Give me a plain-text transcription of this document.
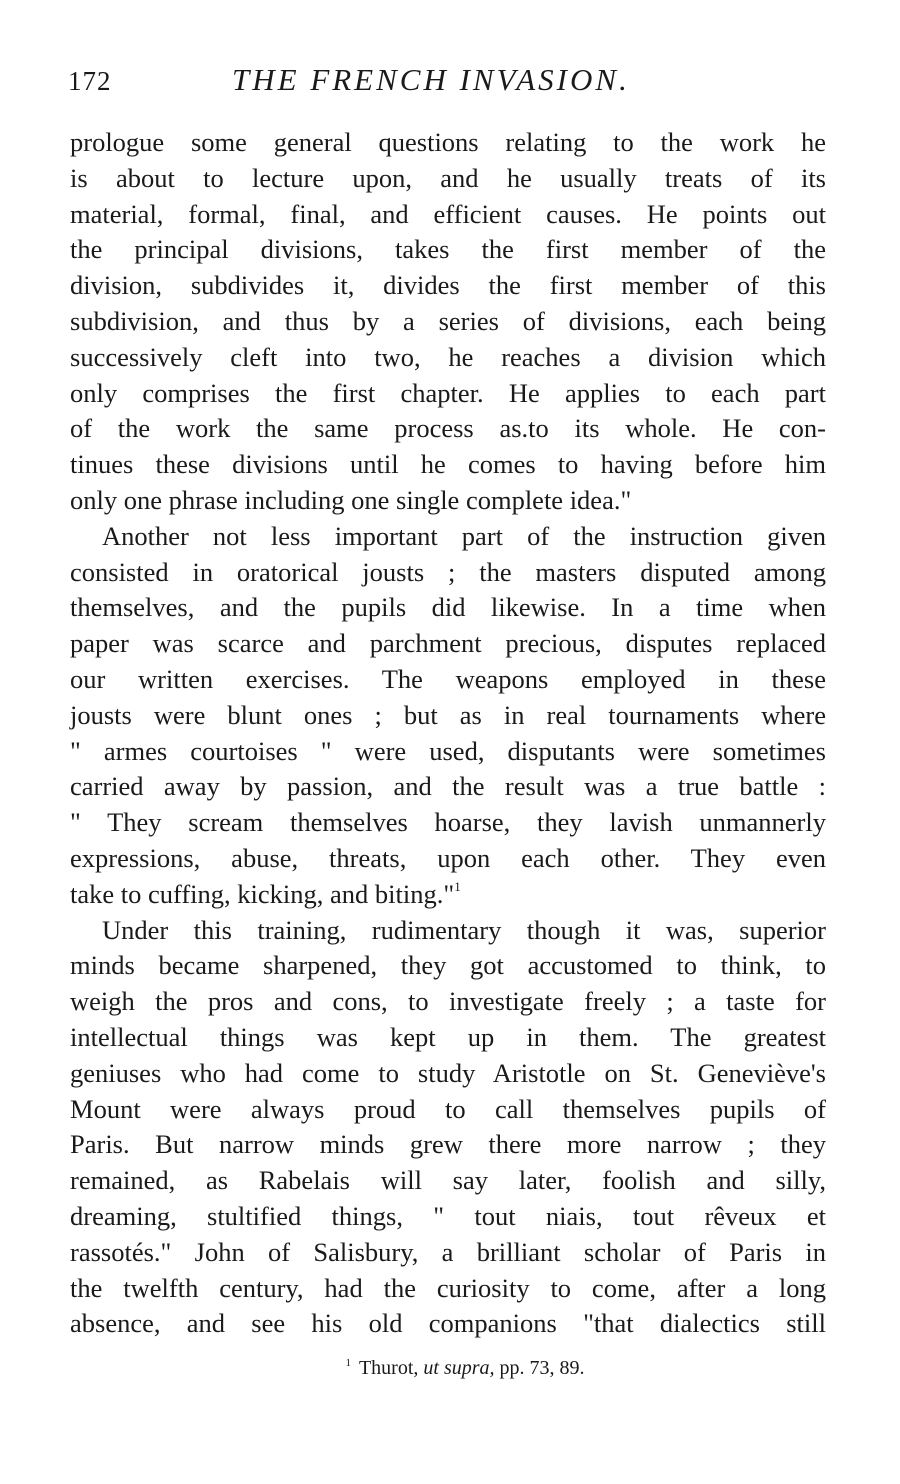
172	THE FRENCH INVASION.
prologue some general questions relating to the work he
is about to lecture upon, and he usually treats of its
material, formal, final, and efficient causes. He points out
the principal divisions, takes the first member of the
division, subdivides it, divides the first member of this
subdivision, and thus by a series of divisions, each being
successively cleft into two, he reaches a division which
only comprises the first chapter. He applies to each part
of the work the same process as.to its whole. He con-
tinues these divisions until he comes to having before him
only one phrase including one single complete idea."
Another not less important part of the instruction given
consisted in oratorical jousts ; the masters disputed among
themselves, and the pupils did likewise. In a time when
paper was scarce and parchment precious, disputes replaced
our written exercises. The weapons employed in these
jousts were blunt ones ; but as in real tournaments where
" armes courtoises " were used, disputants were sometimes
carried away by passion, and the result was a true battle :
" They scream themselves hoarse, they lavish unmannerly
expressions, abuse, threats, upon each other. They even
take to cuffing, kicking, and biting."$^1$
Under this training, rudimentary though it was, superior
minds became sharpened, they got accustomed to think, to
weigh the pros and cons, to investigate freely ; a taste for
intellectual things was kept up in them. The greatest
geniuses who had come to study Aristotle on St. Geneviève's
Mount were always proud to call themselves pupils of
Paris. But narrow minds grew there more narrow ; they
remained, as Rabelais will say later, foolish and silly,
dreaming, stultified things, " tout niais, tout rêveux et
rassotés." John of Salisbury, a brilliant scholar of Paris in
the twelfth century, had the curiosity to come, after a long
absence, and see his old companions "that dialectics still
$^1$ Thurot, ut supra, pp. 73, 89.
